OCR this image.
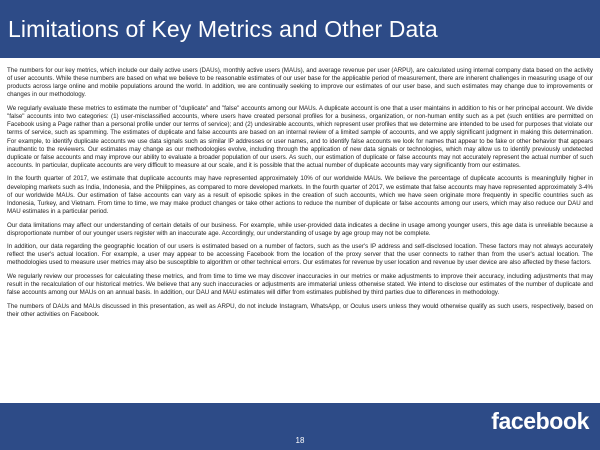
Limitations of Key Metrics and Other Data

The numbers for our key metrics, which include our daily active users (DAUs), monthly active users (MAUs), and average revenue per user (ARPU), are calculated using internal company data based on the activity of user accounts. While these numbers are based on what we believe to be reasonable estimates of our user base for the applicable period of measurement, there are inherent challenges in measuring usage of our products across large online and mobile populations around the world. In addition, we are continually seeking to improve our estimates of our user base, and such estimates may change due to improvements or changes in our methodology.

We regularly evaluate these metrics to estimate the number of "duplicate" and "false" accounts among our MAUs. A duplicate account is one that a user maintains in addition to his or her principal account. We divide "false" accounts into two categories: (1) user-misclassified accounts, where users have created personal profiles for a business, organization, or non-human entity such as a pet (such entities are permitted on Facebook using a Page rather than a personal profile under our terms of service); and (2) undesirable accounts, which represent user profiles that we determine are intended to be used for purposes that violate our terms of service, such as spamming. The estimates of duplicate and false accounts are based on an internal review of a limited sample of accounts, and we apply significant judgment in making this determination. For example, to identify duplicate accounts we use data signals such as similar IP addresses or user names, and to identify false accounts we look for names that appear to be fake or other behavior that appears inauthentic to the reviewers. Our estimates may change as our methodologies evolve, including through the application of new data signals or technologies, which may allow us to identify previously undetected duplicate or false accounts and may improve our ability to evaluate a broader population of our users. As such, our estimation of duplicate or false accounts may not accurately represent the actual number of such accounts. In particular, duplicate accounts are very difficult to measure at our scale, and it is possible that the actual number of duplicate accounts may vary significantly from our estimates.

In the fourth quarter of 2017, we estimate that duplicate accounts may have represented approximately 10% of our worldwide MAUs. We believe the percentage of duplicate accounts is meaningfully higher in developing markets such as India, Indonesia, and the Philippines, as compared to more developed markets. In the fourth quarter of 2017, we estimate that false accounts may have represented approximately 3-4% of our worldwide MAUs. Our estimation of false accounts can vary as a result of episodic spikes in the creation of such accounts, which we have seen originate more frequently in specific countries such as Indonesia, Turkey, and Vietnam. From time to time, we may make product changes or take other actions to reduce the number of duplicate or false accounts among our users, which may also reduce our DAU and MAU estimates in a particular period.

Our data limitations may affect our understanding of certain details of our business. For example, while user-provided data indicates a decline in usage among younger users, this age data is unreliable because a disproportionate number of our younger users register with an inaccurate age. Accordingly, our understanding of usage by age group may not be complete.

In addition, our data regarding the geographic location of our users is estimated based on a number of factors, such as the user's IP address and self-disclosed location. These factors may not always accurately reflect the user's actual location. For example, a user may appear to be accessing Facebook from the location of the proxy server that the user connects to rather than from the user's actual location. The methodologies used to measure user metrics may also be susceptible to algorithm or other technical errors. Our estimates for revenue by user location and revenue by user device are also affected by these factors.

We regularly review our processes for calculating these metrics, and from time to time we may discover inaccuracies in our metrics or make adjustments to improve their accuracy, including adjustments that may result in the recalculation of our historical metrics. We believe that any such inaccuracies or adjustments are immaterial unless otherwise stated. We intend to disclose our estimates of the number of duplicate and false accounts among our MAUs on an annual basis. In addition, our DAU and MAU estimates will differ from estimates published by third parties due to differences in methodology.

The numbers of DAUs and MAUs discussed in this presentation, as well as ARPU, do not include Instagram, WhatsApp, or Oculus users unless they would otherwise qualify as such users, respectively, based on their other activities on Facebook.

facebook
18
